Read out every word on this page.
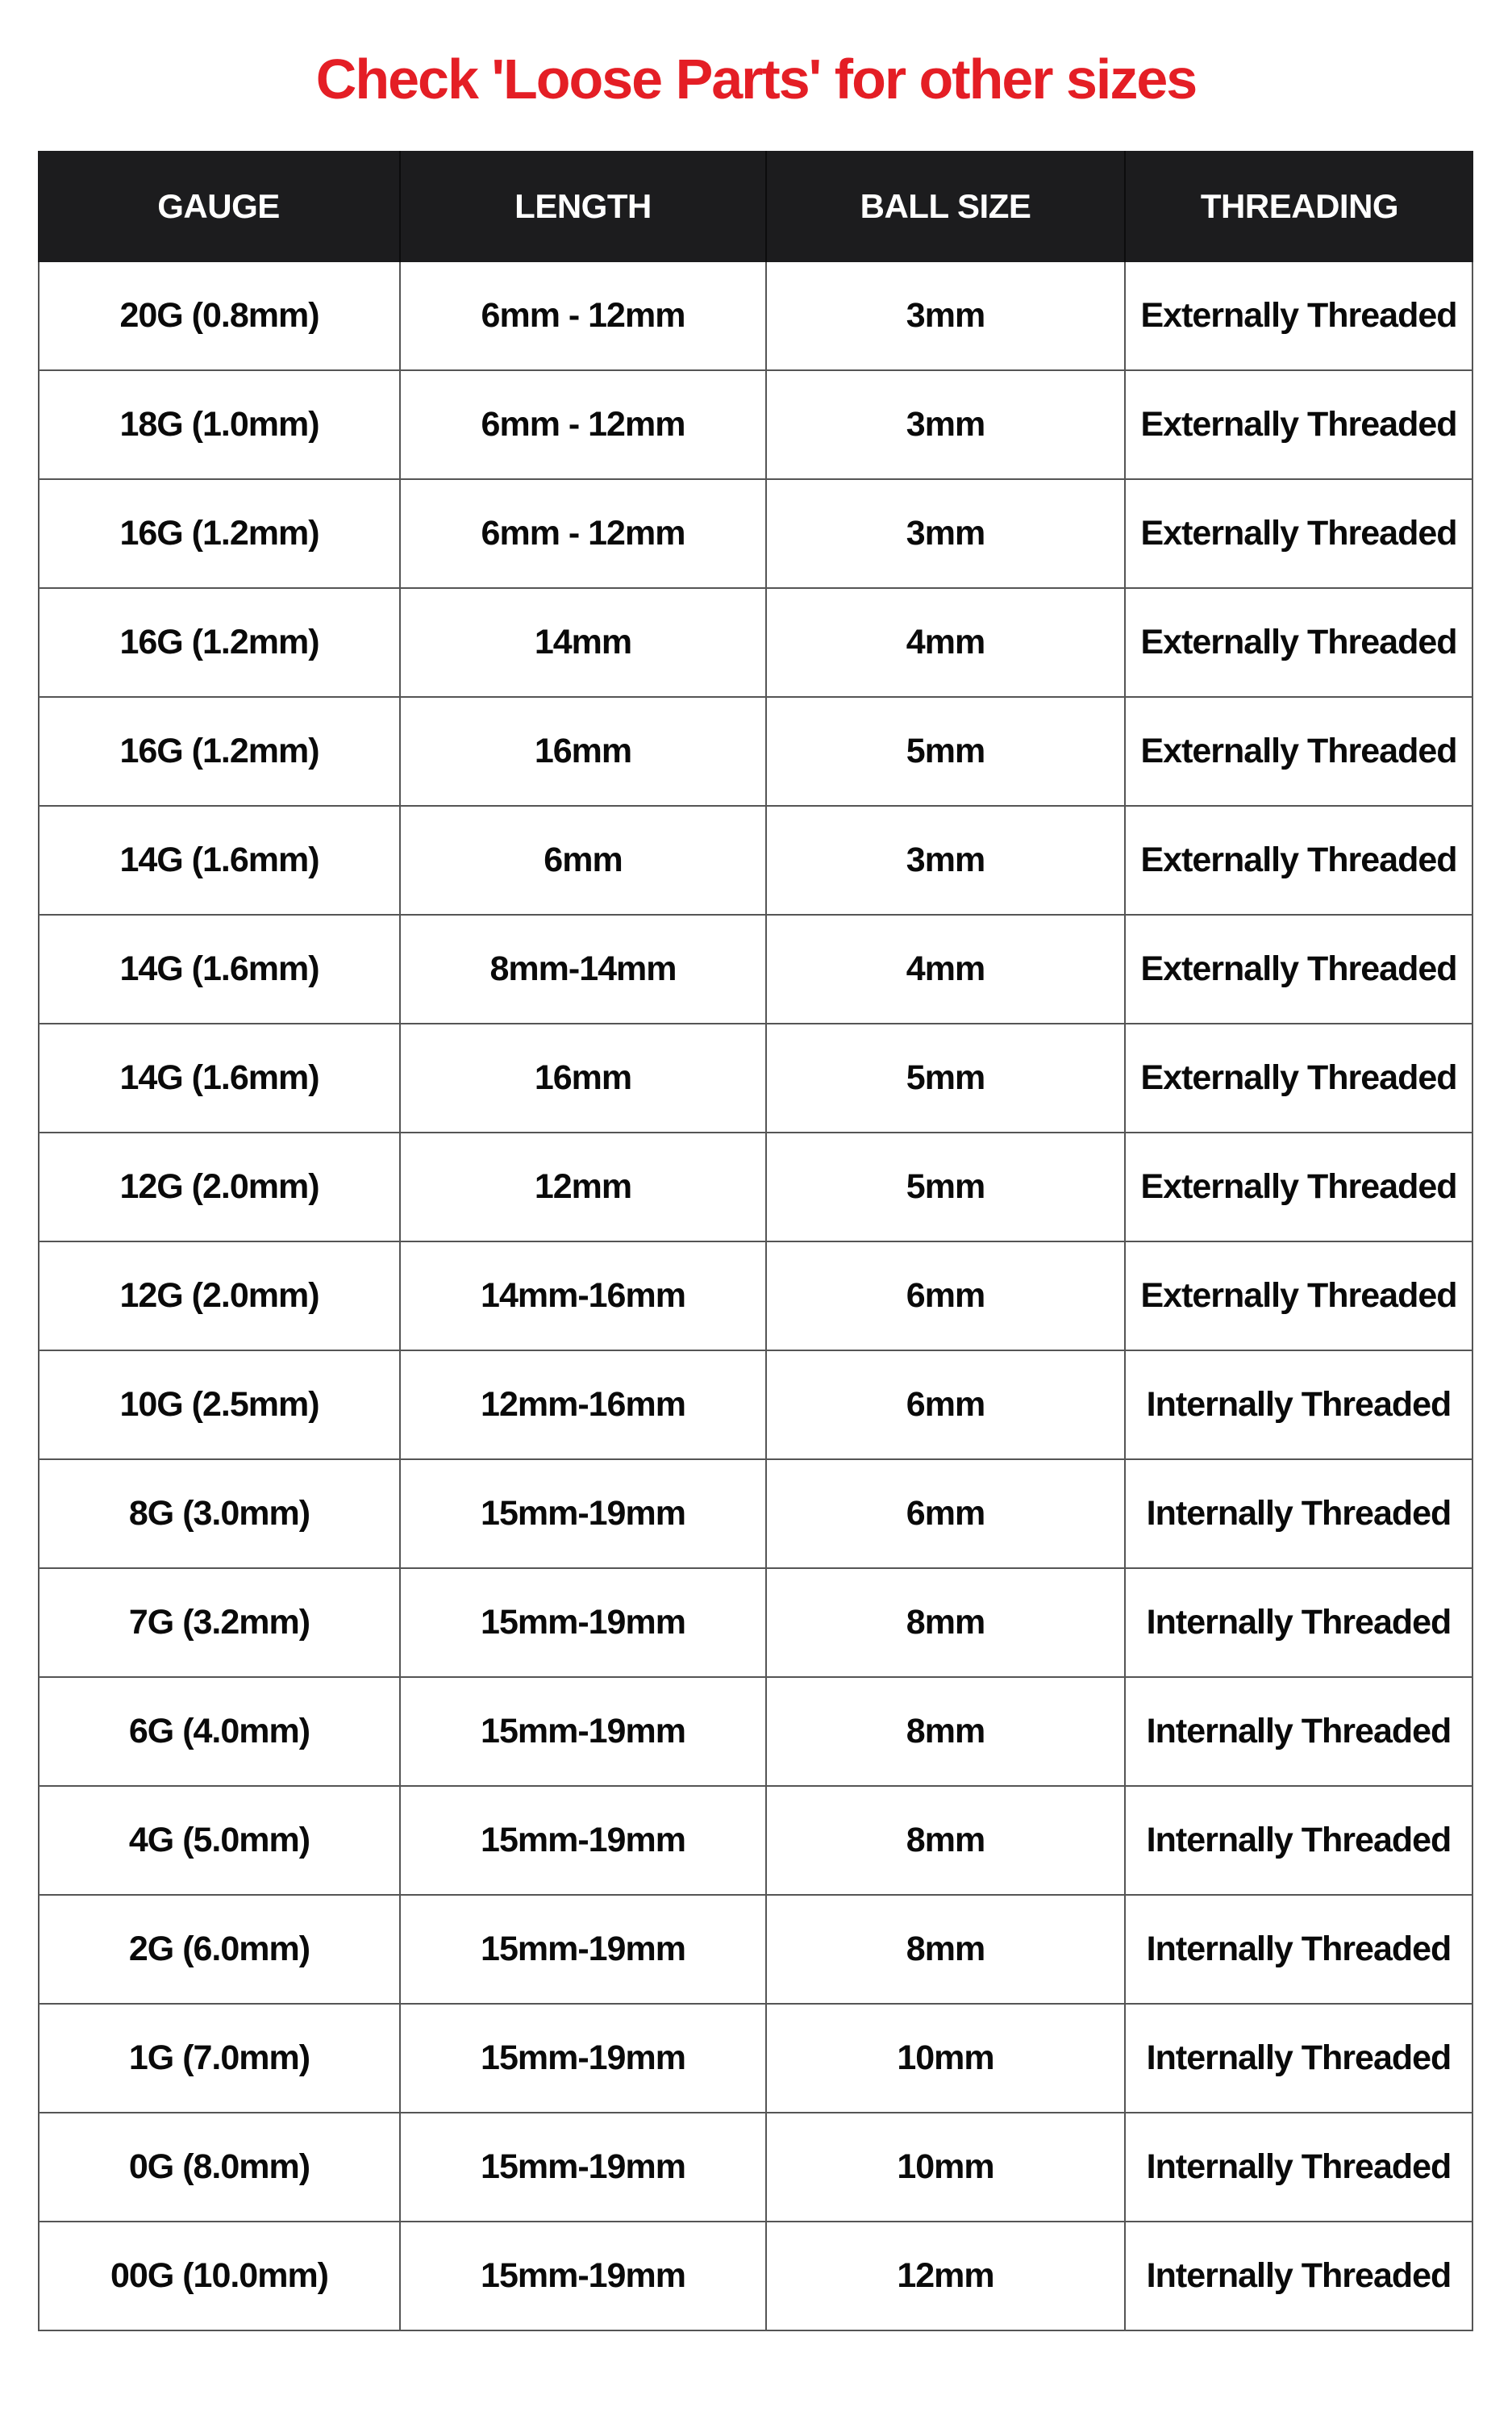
Check 'Loose Parts' for other sizes
GAUGE	LENGTH	BALL SIZE	THREADING
20G (0.8mm)	6mm - 12mm	3mm	Externally Threaded
18G (1.0mm)	6mm - 12mm	3mm	Externally Threaded
16G (1.2mm)	6mm - 12mm	3mm	Externally Threaded
16G (1.2mm)	14mm	4mm	Externally Threaded
16G (1.2mm)	16mm	5mm	Externally Threaded
14G (1.6mm)	6mm	3mm	Externally Threaded
14G (1.6mm)	8mm-14mm	4mm	Externally Threaded
14G (1.6mm)	16mm	5mm	Externally Threaded
12G (2.0mm)	12mm	5mm	Externally Threaded
12G (2.0mm)	14mm-16mm	6mm	Externally Threaded
10G (2.5mm)	12mm-16mm	6mm	Internally Threaded
8G (3.0mm)	15mm-19mm	6mm	Internally Threaded
7G (3.2mm)	15mm-19mm	8mm	Internally Threaded
6G (4.0mm)	15mm-19mm	8mm	Internally Threaded
4G (5.0mm)	15mm-19mm	8mm	Internally Threaded
2G (6.0mm)	15mm-19mm	8mm	Internally Threaded
1G (7.0mm)	15mm-19mm	10mm	Internally Threaded
0G (8.0mm)	15mm-19mm	10mm	Internally Threaded
00G (10.0mm)	15mm-19mm	12mm	Internally Threaded
